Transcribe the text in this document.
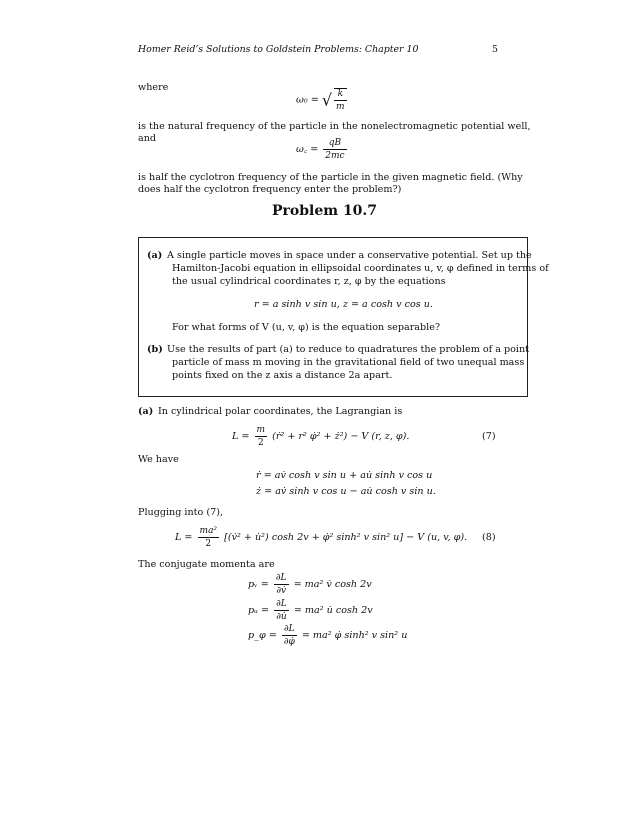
Homer Reid’s Solutions to Goldstein Problems: Chapter 10	5
where
ω₀ = √ $\frac{k}{m}$
is the natural frequency of the particle in the nonelectromagnetic potential well,
and
ω꜀ = $\frac{qB}{2mc}$
is half the cyclotron frequency of the particle in the given magnetic field. (Why
does half the cyclotron frequency enter the problem?)
Problem 10.7
(a) A single particle moves in space under a conservative potential. Set up the
Hamilton-Jacobi equation in ellipsoidal coordinates u, v, φ defined in terms of
the usual cylindrical coordinates r, z, φ by the equations
r = a sinh v sin u, z = a cosh v cos u.
For what forms of V (u, v, φ) is the equation separable?
(b) Use the results of part (a) to reduce to quadratures the problem of a point
particle of mass m moving in the gravitational field of two unequal mass
points fixed on the z axis a distance 2a apart.
(a) In cylindrical polar coordinates, the Lagrangian is
$L = \frac{m}{2}$ (ṙ² + r² φ̇² + ż²) − V (r, z, φ).	(7)
We have
ṙ = av̇ cosh v sin u + au̇ sinh v cos u
ż = av̇ sinh v cos u − au̇ cosh v sin u.
Plugging into (7),
$L = \frac{\text{ma²}}{2}$ [(v̇² + u̇²) cosh 2v + φ̇² sinh² v sin² u] − V (u, v, φ). (8)
The conjugate momenta are
pᵥ = $\frac{\partial L}{\partial v̇} = ma^2$ v̇ cosh 2v
pᵤ = $\frac{\partial L}{\partial u̇} = ma^2$ u̇ cosh 2v
p_φ = $\frac{\partial L}{\partial\varphi̇} = ma^2$ φ̇ sinh² v sin² u
